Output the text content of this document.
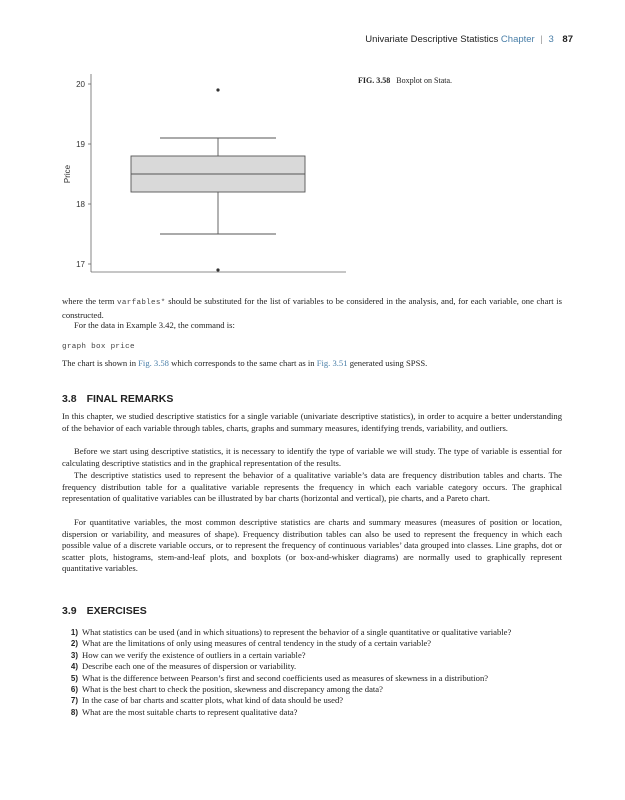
Univariate Descriptive Statistics Chapter | 3 87
17
18
19
20
Price
FIG. 3.58 Boxplot on Stata.

where the term varfables* should be substituted for the list of variables to be considered in the analysis, and, for each variable, one chart is constructed.

For the data in Example 3.42, the command is:

graph box price

The chart is shown in Fig. 3.58 which corresponds to the same chart as in Fig. 3.51 generated using SPSS.

3.8 FINAL REMARKS

In this chapter, we studied descriptive statistics for a single variable (univariate descriptive statistics), in order to acquire a better understanding of the behavior of each variable through tables, charts, graphs and summary measures, identifying trends, variability, and outliers.

Before we start using descriptive statistics, it is necessary to identify the type of variable we will study. The type of variable is essential for calculating descriptive statistics and in the graphical representation of the results.

The descriptive statistics used to represent the behavior of a qualitative variable’s data are frequency distribution tables and charts. The frequency distribution table for a qualitative variable represents the frequency in which each variable category occurs. The graphical representation of qualitative variables can be illustrated by bar charts (horizontal and vertical), pie charts, and a Pareto chart.

For quantitative variables, the most common descriptive statistics are charts and summary measures (measures of position or location, dispersion or variability, and measures of shape). Frequency distribution tables can also be used to represent the frequency in which each possible value of a discrete variable occurs, or to represent the frequency of continuous variables’ data grouped into classes. Line graphs, dot or scatter plots, histograms, stem-and-leaf plots, and boxplots (or box-and-whisker diagrams) are normally used to graphically represent quantitative variables.

3.9 EXERCISES
1) What statistics can be used (and in which situations) to represent the behavior of a single quantitative or qualitative variable?
2) What are the limitations of only using measures of central tendency in the study of a certain variable?
3) How can we verify the existence of outliers in a certain variable?
4) Describe each one of the measures of dispersion or variability.
5) What is the difference between Pearson’s first and second coefficients used as measures of skewness in a distribution?
6) What is the best chart to check the position, skewness and discrepancy among the data?
7) In the case of bar charts and scatter plots, what kind of data should be used?
8) What are the most suitable charts to represent qualitative data?
